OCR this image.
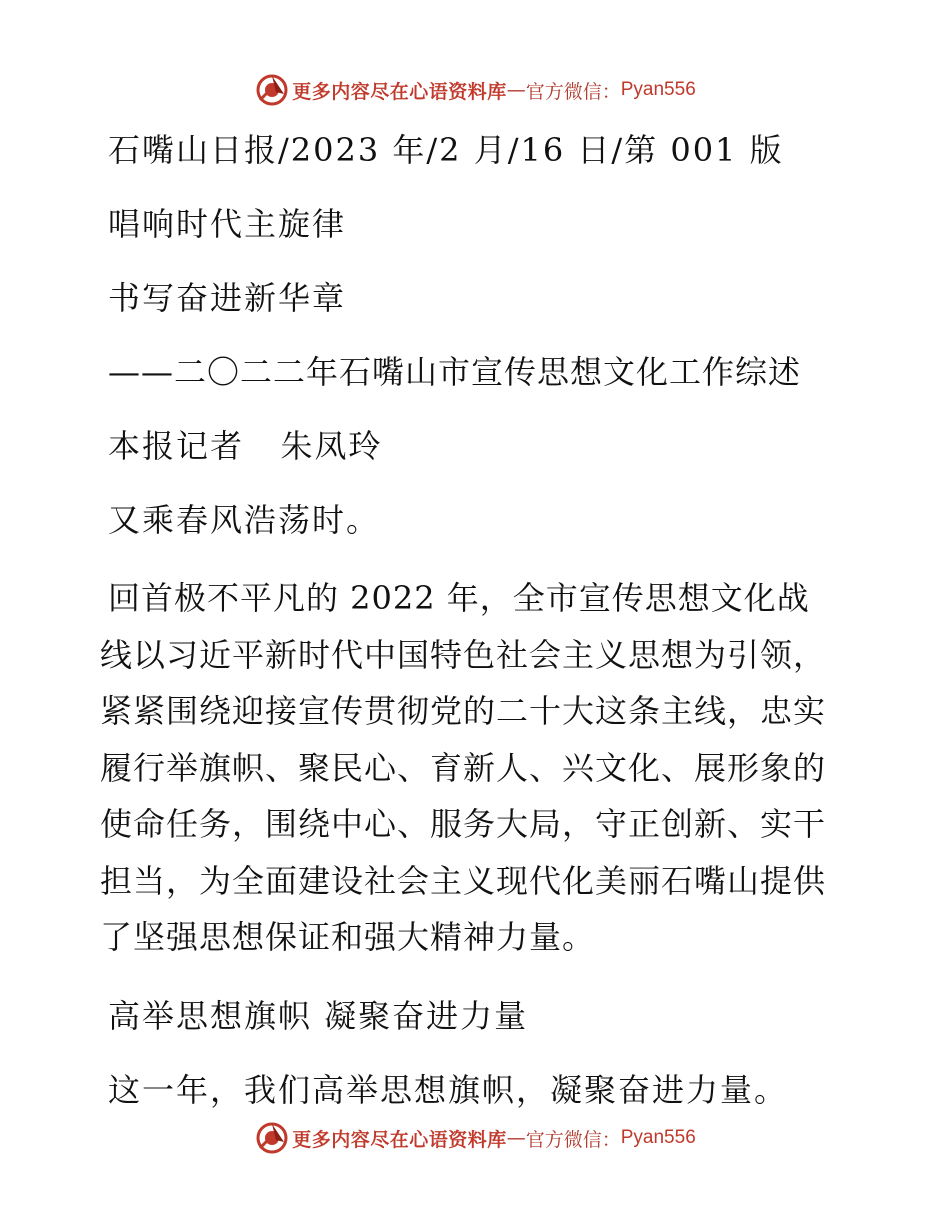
更多内容尽在心语资料库 — 官方微信： Pyan556
石嘴山日报/2023 年/2 月/16 日/第 001 版
唱响时代主旋律
书写奋进新华章
——二〇二二年石嘴山市宣传思想文化工作综述
本报记者   朱凤玲
又乘春风浩荡时。
回首极不平凡的 2022 年，全市宣传思想文化战
线以习近平新时代中国特色社会主义思想为引领，
紧紧围绕迎接宣传贯彻党的二十大这条主线，忠实
履行举旗帜、聚民心、育新人、兴文化、展形象的
使命任务，围绕中心、服务大局，守正创新、实干
担当，为全面建设社会主义现代化美丽石嘴山提供
了坚强思想保证和强大精神力量。
高举思想旗帜 凝聚奋进力量
这一年，我们高举思想旗帜，凝聚奋进力量。
更多内容尽在心语资料库 — 官方微信： Pyan556
